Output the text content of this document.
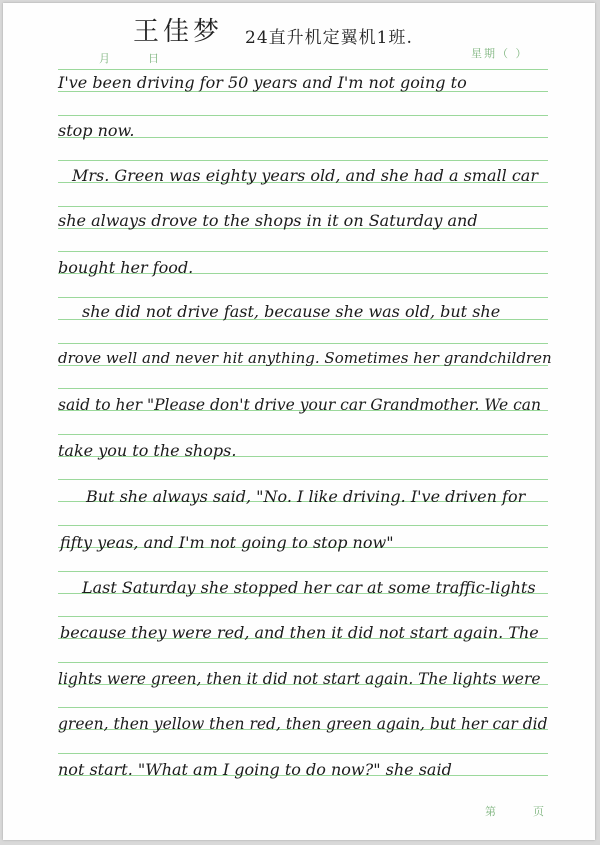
王佳梦 24直升机定翼机1班.
月	日	星期（ ）
I've been driving for 50 years and I'm not going to
stop now.
Mrs. Green was eighty years old, and she had a small car
she always drove to the shops in it on Saturday and
bought her food.
she did not drive fast, because she was old, but she
drove well and never hit anything. Sometimes her grandchildren
said to her "Please don't drive your car Grandmother. We can
take you to the shops.
But she always said, "No. I like driving. I've driven for
fifty yeas, and I'm not going to stop now"
Last Saturday she stopped her car at some traffic-lights
because they were red, and then it did not start again. The
lights were green, then it did not start again. The lights were
green, then yellow then red, then green again, but her car did
not start. "What am I going to do now?" she said
第	页
